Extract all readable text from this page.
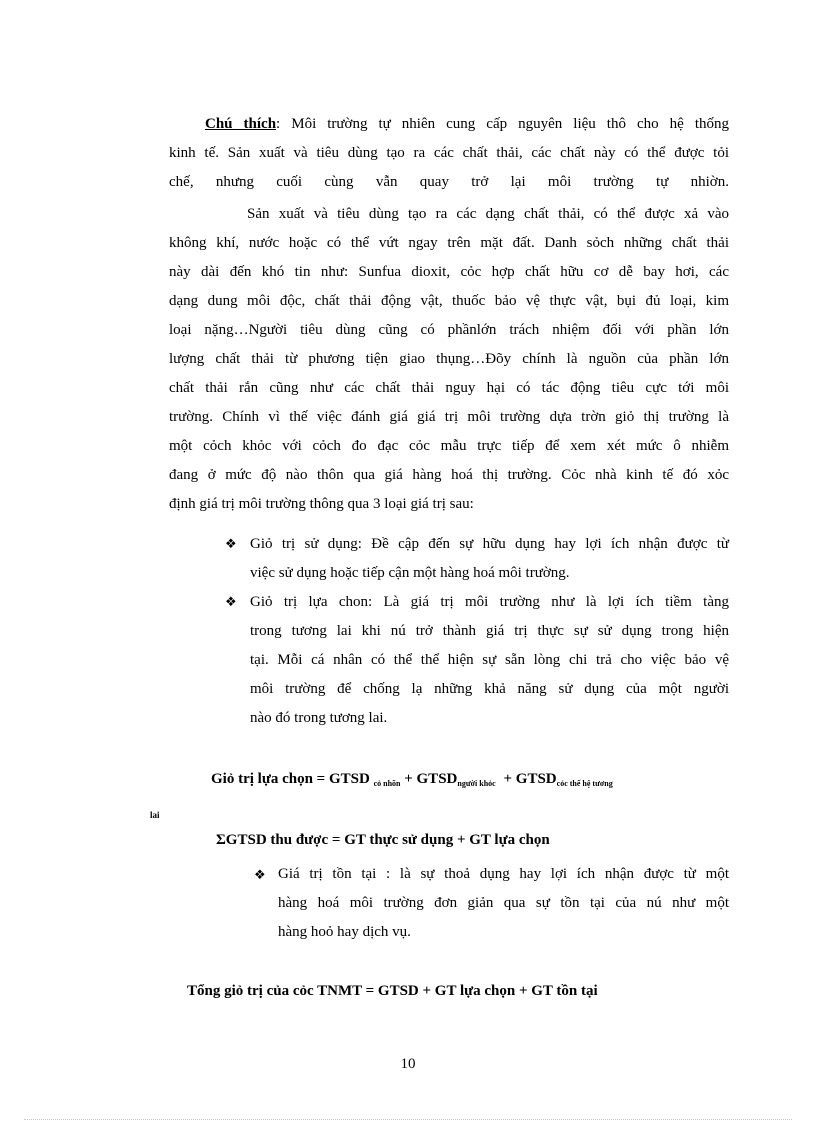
Chú thích: Môi trường tự nhiên cung cấp nguyên liệu thô cho hệ thống
kinh tế. Sản xuất và tiêu dùng tạo ra các chất thải, các chất này có thể được tỏi
chế, nhưng cuối cùng vẫn quay trở lại môi trường tự nhiờn.
Sản xuất và tiêu dùng tạo ra các dạng chất thải, có thể được xả vào
không khí, nước hoặc có thể vứt ngay trên mặt đất. Danh sỏch những chất thải
này dài đến khó tin như: Sunfua dioxit, cỏc hợp chất hữu cơ dễ bay hơi, các
dạng dung môi độc, chất thải động vật, thuốc bảo vệ thực vật, bụi đủ loại, kim
loại nặng…Người tiêu dùng cũng có phầnlớn trách nhiệm đối với phần lớn
lượng chất thải từ phương tiện giao thụng…Đõy chính là nguồn của phần lớn
chất thải rắn cũng như các chất thải nguy hại có tác động tiêu cực tới môi
trường. Chính vì thế việc đánh giá giá trị môi trường dựa trờn giỏ thị trường là
một cỏch khỏc với cỏch đo đạc cỏc mẫu trực tiếp để xem xét mức ô nhiễm
đang ở mức độ nào thôn qua giá hàng hoá thị trường. Cỏc nhà kinh tế đó xỏc
định giá trị môi trường thông qua 3 loại giá trị sau:
❖ Giỏ trị sử dụng: Đề cập đến sự hữu dụng hay lợi ích nhận được từ
việc sử dụng hoặc tiếp cận một hàng hoá môi trường.
❖ Giỏ trị lựa chon: Là giá trị môi trường như là lợi ích tiềm tàng
trong tương lai khi nú trở thành giá trị thực sự sử dụng trong hiện
tại. Mỗi cá nhân có thể thể hiện sự sẵn lòng chi trả cho việc bảo vệ
môi trường để chống lạ những khả năng sử dụng của một người
nào đó trong tương lai.
Giỏ trị lựa chọn = GTSD $_{cỏ nhõn} + GTSD_{người khỏc}$ + $GTSD_{cỏc thế hệ tương}$
lai
ΣGTSD thu được = GT thực sử dụng + GT lựa chọn
❖ Giá trị tồn tại : là sự thoả dụng hay lợi ích nhận được từ một
hàng hoá môi trường đơn giản qua sự tồn tại của nú như một
hàng hoỏ hay dịch vụ.
Tổng giỏ trị của cỏc TNMT = GTSD + GT lựa chọn + GT tồn tại
10
